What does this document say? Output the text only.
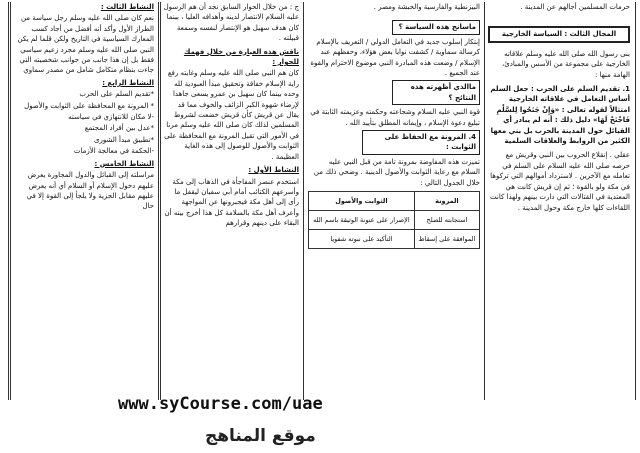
حرمات المسلمين أجالهم عن المدينة .

المجال الثالث : السياسة الخارجية

بنى رسول الله صلى الله عليه وسلم علاقاته الخارجية على مجموعة من الأسس والمبادئ، الهامة منها :

1. تقديم السلم على الحرب : جعل السلم أساس التعامل في علاقاته الخارجية امتثالاً لقوله تعالى : «وَإِنْ جَنَحُوا لِلسَّلْمِ فَاجْنَحْ لَهَا» دليل ذلك : أنه لم يبادر أي القبائل حول المدينة بالحرب بل بني معها الكثير من الروابط والعلاقات السلمية

عقلي . إنقلاع الحروب بين النبي وقريش مع حرصه صلى الله عليه السلام على السلم في تعامله مع الآخرين . لاسترداد أموالهم التي تركوها في مكة ولو بالقوة ؛ ثم إن قريش كانت هي المعتدية في القتالات التي دارت بينهم ولهذا كانت اللقاءات كلها خارج مكة وحول المدينة .

البيزنطية والفارسية والحبشة ومصر .

ماسانج هذه السياسة ؟

إبتكار إسلوب جديد في التعامل الدولي / التعريف بالإسلام كرسالة سماوية / كشفت نوايا بعض هؤلاء، وحفظهم عند الإسلام / وضعت هذه المبادرة النبي موضوع الاحترام والقوة عند الجميع .

ماالذي أظهرته هذه النتائج ؟

قوة النبي عليه السلام وشجاعته وحكمته وعزيمته الثابتة في تبليغ دعوة الإسلام ، وإيمانه المطلق بتأييد الله .

4. المرونة مع الحفاظ على الثوابت :

تميزت هذه المفاوضة بمرونة تامة من قبل النبي عليه السلام مع رعاية الثوابت والأصول الدينية . وضحي ذلك من خلال الجدول التالي :

المرونة	الثوابت والأصول
استجابته للصلح	الإصرار على عنونة الوثيقة باسم الله
الموافقة على إسقاط	التأكيد على نبوته شفويا

ج : من خلال الحوار السابق نجد أن هم الرسول عليه السلام الانتصار لدينه وأهدافه العليا ، بينما كان هدف سهيل هو الإنتصار لنفسه وسمعة قبيلته .

ناقش هذه العبارة من خلال فهمك للحوار :

كان هم النبي صلى الله عليه وسلم وغايته رفع راية الإسلام خفاقة وتحقيق مبدأ العبودية لله وحده بينما كان سهيل بن عمرو يسعى جاهدا لإرضاء شهوة الكبر الزائف والخوف مما قد يقال عن قريش كأن قريش خضعت لشروط المسلمين لذلك كان صلى الله عليه وسلم مرنا في الأمور التي تقبل المرونة مع المحافظة على الثوابت والأصول للوصول إلى هذه الغاية العظيمة .

النشاط الأول :

استخدم عنصر المفاجأة في الذهاب إلى مكة وأسرعهم الكتائب أمام أبي سفيان ليقفل ما رأى إلى أهل مكة فيجبرونها عن المواجهة وأعرف أهل مكة بالسلامة كل هذا أخرج بيته أن البقاء على دينهم وقرارهم

النشاط الثالث :

نعم كان صلى الله عليه وسلم رجل سياسة من الطراز الأول وأكد أنه أفضل من أجاد كسب المعارك السياسية في التاريخ ولكن قلما لم يكن النبي صلى الله عليه وسلم مجرد زعيم سياسي فقط بل إن هذا جانب من جوانب شخصيته التي جاءت بنظام متكامل شامل من مصدر سماوي

النشاط الرابع :

*تقديم السلم على الحرب

* المرونة مع المحافظة على الثوابت والأصول

-لا مكان للانتهازي في سياسته

*عدل بين أفراد المجتمع

*تطبيق مبدأ الشورى

-الحكمة في معالجة الأزمات

النشاط الخامس :

مراسلته إلى القبائل والدول المجاورة يعرض عليهم دخول الإسلام أو السلام أي أنه يعرض عليهم مقابل الجزية ولا يلجأ إلى القوة إلا في حال

www.syCourse.com/uae
موقع المناهج
